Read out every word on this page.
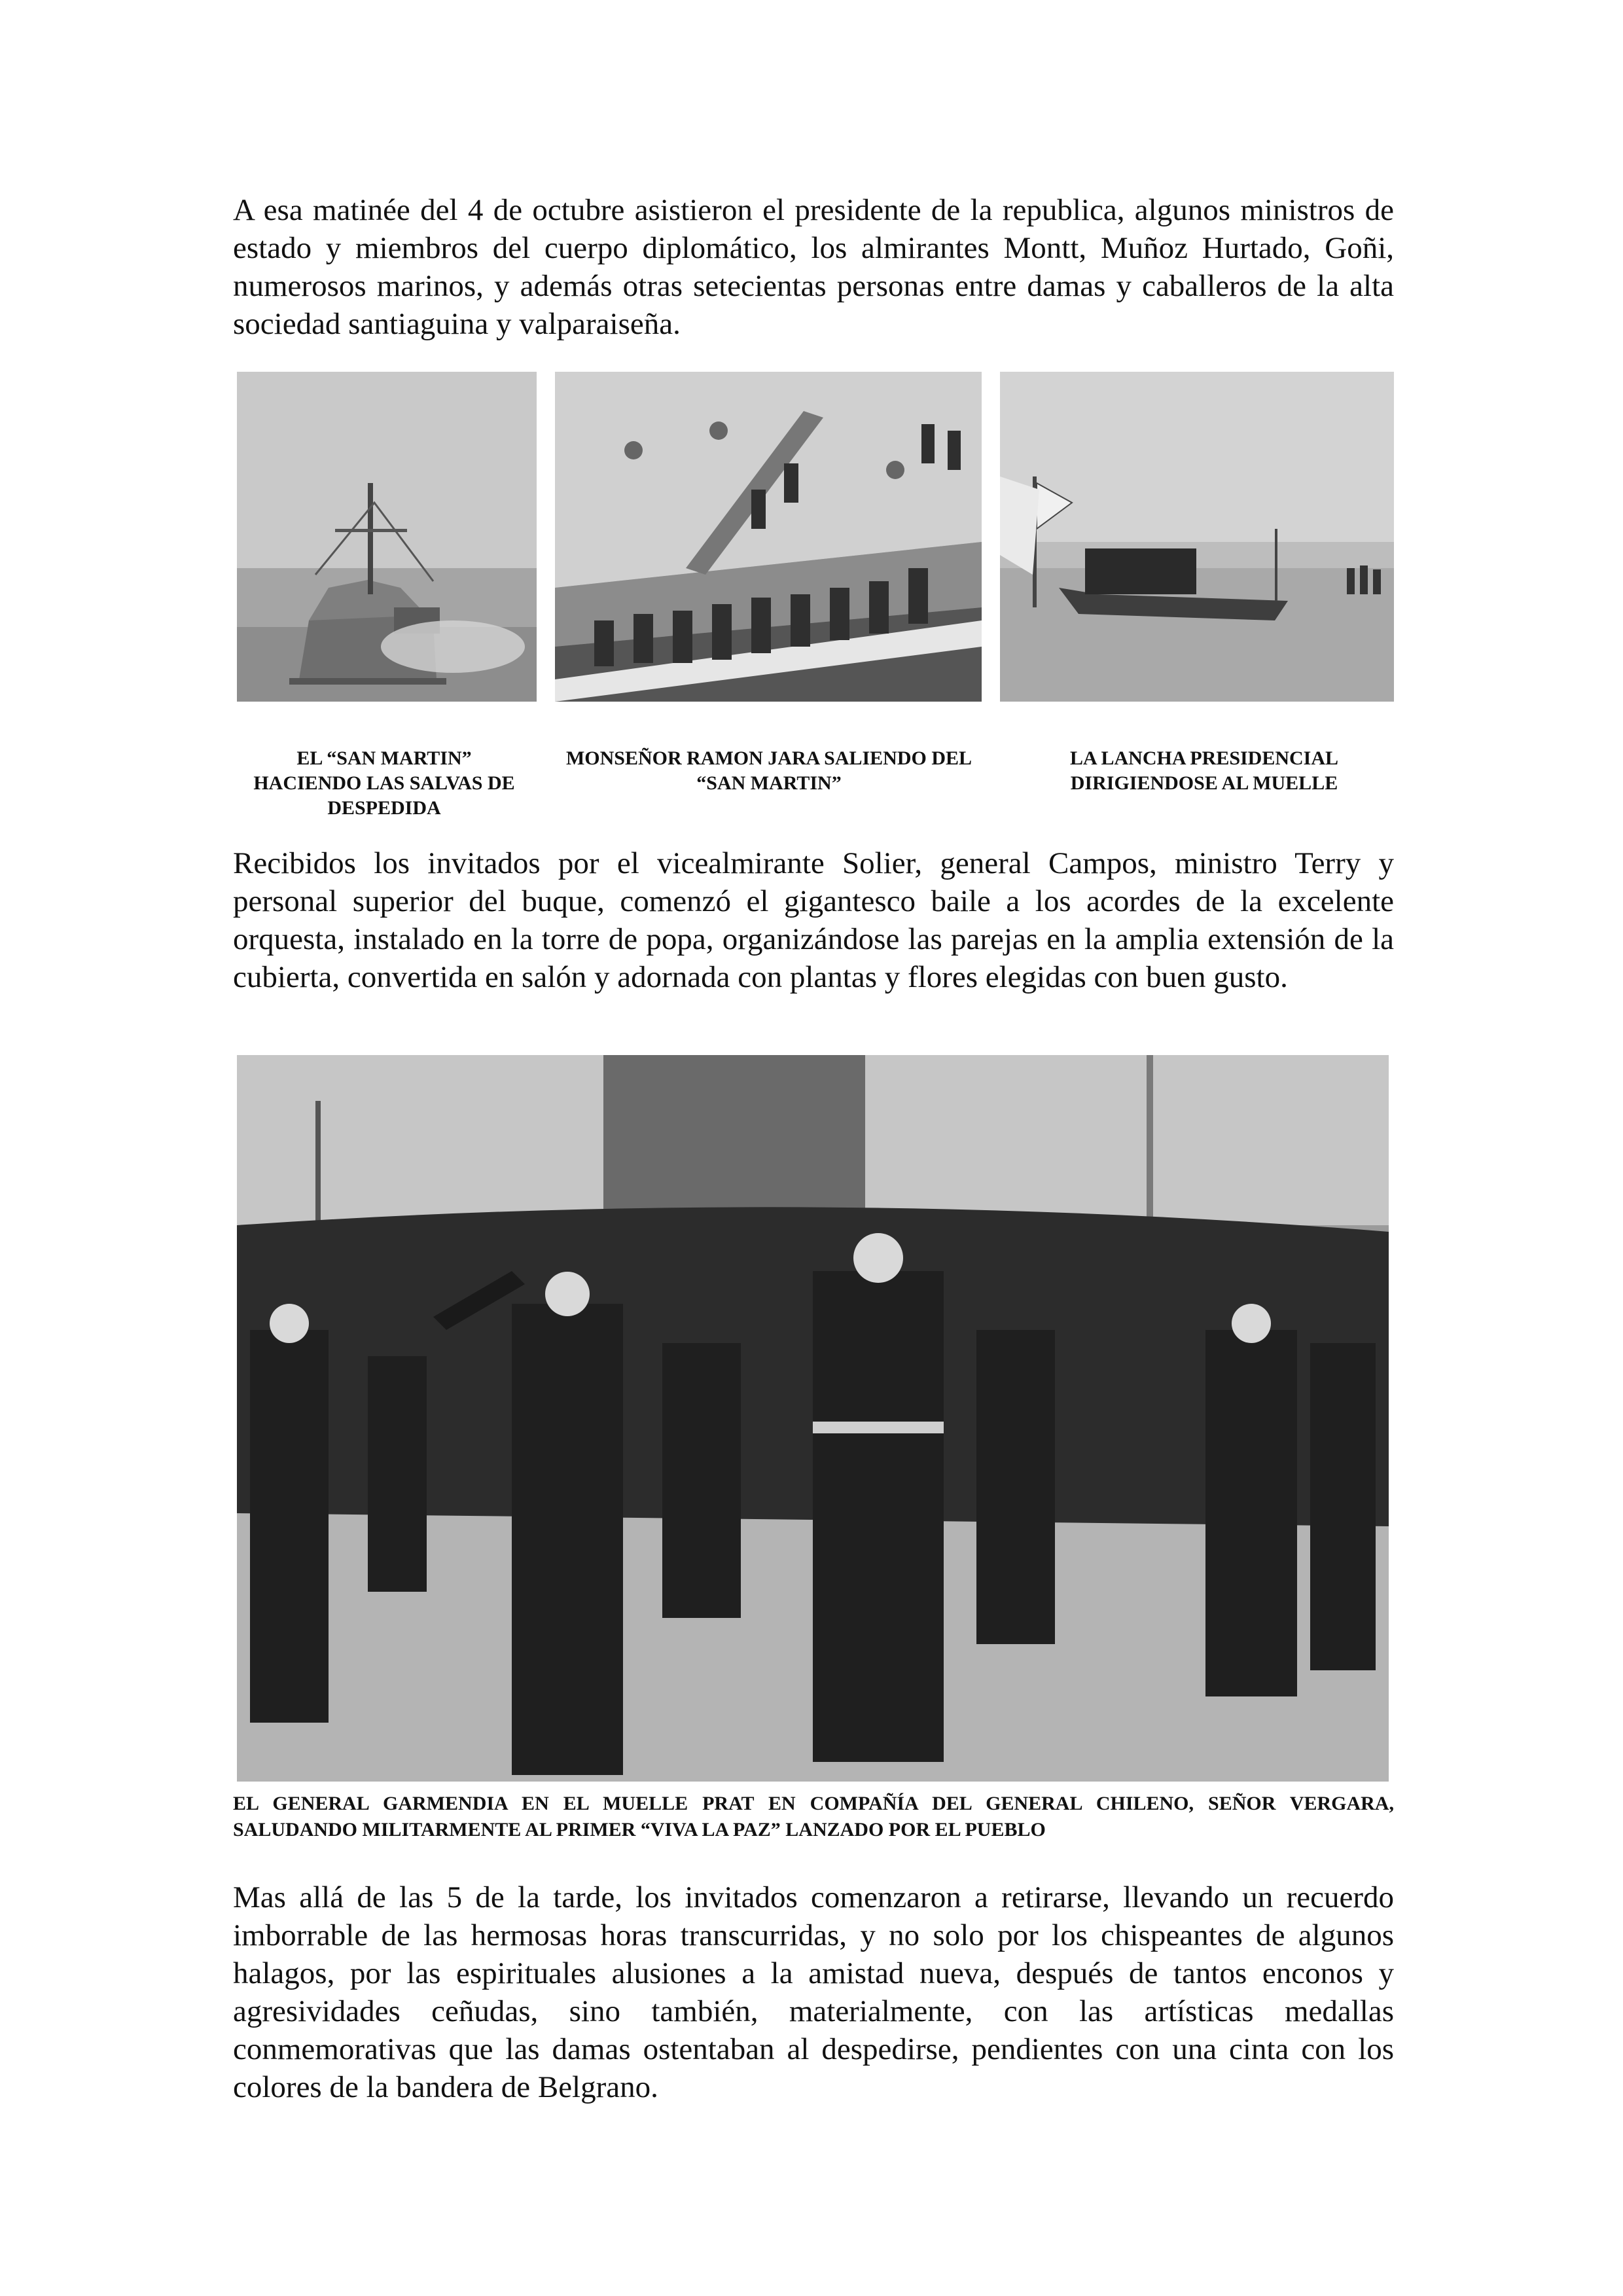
A esa matinée del 4 de octubre asistieron el presidente de la republica, algunos ministros de estado y miembros del cuerpo diplomático, los almirantes Montt, Muñoz Hurtado, Goñi, numerosos marinos, y además otras setecientas personas entre damas y caballeros de la alta sociedad santiaguina y valparaiseña.

EL “SAN MARTIN” HACIENDO LAS SALVAS DE DESPEDIDA

MONSEÑOR RAMON JARA SALIENDO DEL “SAN MARTIN”

LA LANCHA PRESIDENCIAL DIRIGIENDOSE AL MUELLE

Recibidos los invitados por el vicealmirante Solier, general Campos, ministro Terry y personal superior del buque, comenzó el gigantesco baile a los acordes de la excelente orquesta, instalado en la torre de popa, organizándose las parejas en la amplia extensión de la cubierta, convertida en salón y adornada con plantas y flores elegidas con buen gusto.

EL GENERAL GARMENDIA EN EL MUELLE PRAT EN COMPAÑÍA DEL GENERAL CHILENO, SEÑOR VERGARA, SALUDANDO MILITARMENTE AL PRIMER “VIVA LA PAZ” LANZADO POR EL PUEBLO

Mas allá de las 5 de la tarde, los invitados comenzaron a retirarse, llevando un recuerdo imborrable de las hermosas horas transcurridas, y no solo por los chispeantes de algunos halagos, por las espirituales alusiones a la amistad nueva, después de tantos enconos y agresividades ceñudas, sino también, materialmente, con las artísticas medallas conmemorativas que las damas ostentaban al despedirse, pendientes con una cinta con los colores de la bandera de Belgrano.
